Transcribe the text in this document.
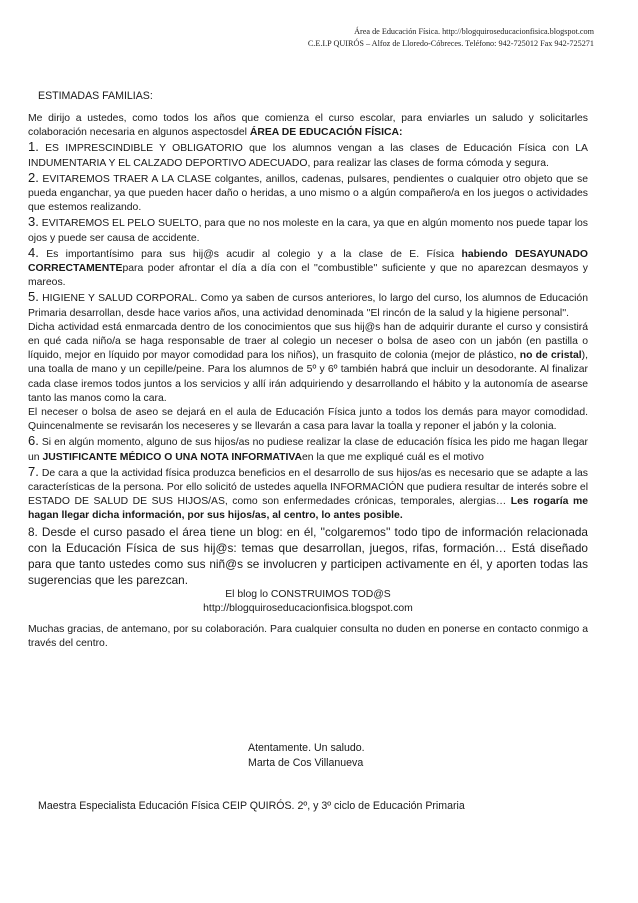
Área de Educación Física. http://blogquiroseducacionfisica.blogspot.com
C.E.I.P QUIRÓS – Alfoz de Lloredo-Cóbreces. Teléfono: 942-725012 Fax 942-725271
ESTIMADAS FAMILIAS:

Me dirijo a ustedes, como todos los años que comienza el curso escolar, para enviarles un saludo y solicitarles colaboración necesaria en algunos aspectosdel ÁREA DE EDUCACIÓN FÍSICA:

1. ES IMPRESCINDIBLE Y OBLIGATORIO que los alumnos vengan a las clases de Educación Física con LA INDUMENTARIA Y EL CALZADO DEPORTIVO ADECUADO, para realizar las clases de forma cómoda y segura.

2. EVITAREMOS TRAER A LA CLASE colgantes, anillos, cadenas, pulsares, pendientes o cualquier otro objeto que se pueda enganchar, ya que pueden hacer daño o heridas, a uno mismo o a algún compañero/a en los juegos o actividades que estemos realizando.

3. EVITAREMOS EL PELO SUELTO, para que no nos moleste en la cara, ya que en algún momento nos puede tapar los ojos y puede ser causa de accidente.

4. Es importantísimo para sus hij@s acudir al colegio y a la clase de E. Física habiendo DESAYUNADO CORRECTAMENTEpara poder afrontar el día a día con el ''combustible'' suficiente y que no aparezcan desmayos y mareos.

5. HIGIENE Y SALUD CORPORAL. Como ya saben de cursos anteriores, lo largo del curso, los alumnos de Educación Primaria desarrollan, desde hace varios años, una actividad denominada ''El rincón de la salud y la higiene personal''.

Dicha actividad está enmarcada dentro de los conocimientos que sus hij@s han de adquirir durante el curso y consistirá en qué cada niño/a se haga responsable de traer al colegio un neceser o bolsa de aseo con un jabón (en pastilla o líquido, mejor en líquido por mayor comodidad para los niños), un frasquito de colonia (mejor de plástico, no de cristal), una toalla de mano y un cepille/peine. Para los alumnos de 5º y 6º también habrá que incluir un desodorante. Al finalizar cada clase iremos todos juntos a los servicios y allí irán adquiriendo y desarrollando el hábito y la autonomía de asearse tanto las manos como la cara.

El neceser o bolsa de aseo se dejará en el aula de Educación Física junto a todos los demás para mayor comodidad. Quincenalmente se revisarán los neceseres y se llevarán a casa para lavar la toalla y reponer el jabón y la colonia.

6. Si en algún momento, alguno de sus hijos/as no pudiese realizar la clase de educación física les pido me hagan llegar un JUSTIFICANTE MÉDICO O UNA NOTA INFORMATIVAen la que me expliqué cuál es el motivo

7. De cara a que la actividad física produzca beneficios en el desarrollo de sus hijos/as es necesario que se adapte a las características de la persona. Por ello solicitó de ustedes aquella INFORMACIÓN que pudiera resultar de interés sobre el ESTADO DE SALUD DE SUS HIJOS/AS, como son enfermedades crónicas, temporales, alergias… Les rogaría me hagan llegar dicha información, por sus hijos/as, al centro, lo antes posible.

8. Desde el curso pasado el área tiene un blog: en él, ''colgaremos'' todo tipo de información relacionada con la Educación Física de sus hij@s: temas que desarrollan, juegos, rifas, formación… Está diseñado para que tanto ustedes como sus niñ@s se involucren y participen activamente en él, y aporten todas las sugerencias que les parezcan.

El blog lo CONSTRUIMOS TOD@S

http://blogquiroseducacionfisica.blogspot.com

Muchas gracias, de antemano, por su colaboración. Para cualquier consulta no duden en ponerse en contacto conmigo a través del centro.

Atentamente. Un saludo.
Marta de Cos Villanueva
Maestra Especialista Educación Física CEIP QUIRÓS. 2º, y 3º ciclo de Educación Primaria
